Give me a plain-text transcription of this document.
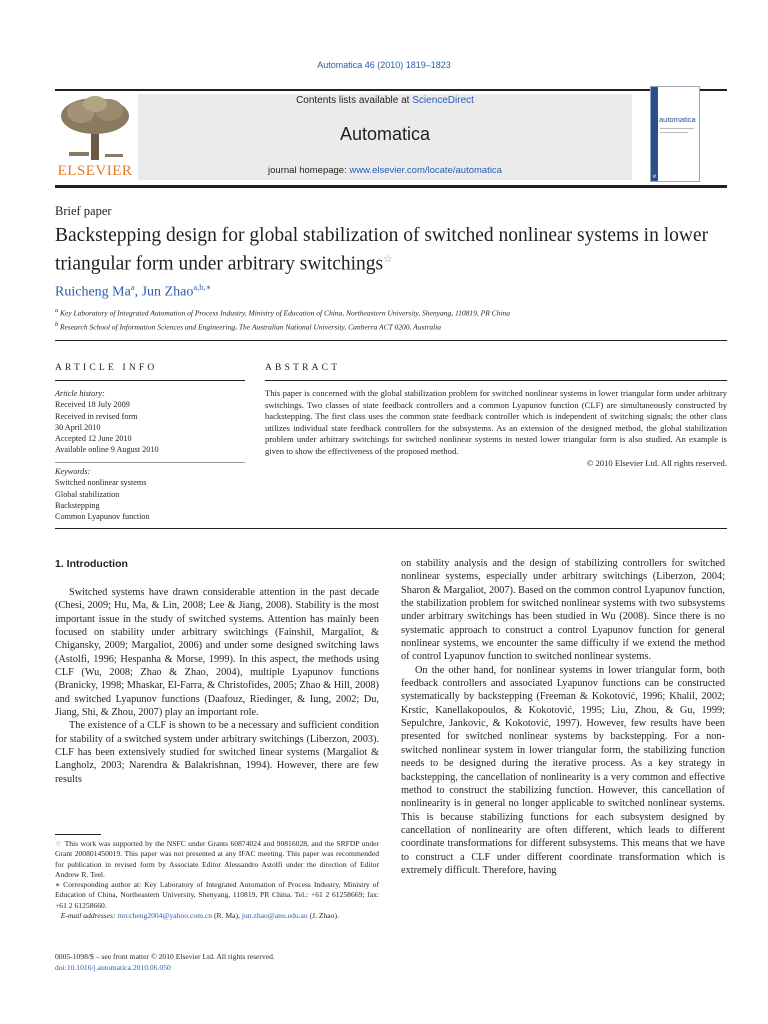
Automatica 46 (2010) 1819–1823
ELSEVIER
Contents lists available at ScienceDirect
Automatica
journal homepage: www.elsevier.com/locate/automatica
automatica
e
Brief paper
Backstepping design for global stabilization of switched nonlinear systems in lower triangular form under arbitrary switchings☆
Ruicheng Ma$^a$, Jun Zhao$^{a,b,∗}$
$^a$ Key Laboratory of Integrated Automation of Process Industry, Ministry of Education of China, Northeastern University, Shenyang, 110819, PR China
$^b$ Research School of Information Sciences and Engineering, The Australian National University, Canberra ACT 0200, Australia
ARTICLE INFO	ABSTRACT
Article history:
Received 18 July 2009
Received in revised form
30 April 2010
Accepted 12 June 2010
Available online 9 August 2010
Keywords:
Switched nonlinear systems
Global stabilization
Backstepping
Common Lyapunov function
This paper is concerned with the global stabilization problem for switched nonlinear systems in lower triangular form under arbitrary switchings. Two classes of state feedback controllers and a common Lyapunov function (CLF) are simultaneously constructed by backstepping. The first class uses the common state feedback controller which is independent of switching signals; the other class utilizes individual state feedback controllers for the subsystems. As an extension of the designed method, the global stabilization problem under arbitrary switchings for switched nonlinear systems in nested lower triangular form is also studied. An example is given to show the effectiveness of the proposed method.
© 2010 Elsevier Ltd. All rights reserved.
1. Introduction

Switched systems have drawn considerable attention in the past decade (Chesi, 2009; Hu, Ma, & Lin, 2008; Lee & Jiang, 2008). Stability is the most important issue in the study of switched systems. Attention has mainly been focused on stability under arbitrary switchings (Fainshil, Margaliot, & Chigansky, 2009; Margaliot, 2006) and under some designed switching laws (Astolfi, 1996; Hespanha & Morse, 1999). In this aspect, the methods using CLF (Wu, 2008; Zhao & Zhao, 2004), multiple Lyapunov functions (Branicky, 1998; Mhaskar, El-Farra, & Christofides, 2005; Zhao & Hill, 2008) and switched Lyapunov functions (Daafouz, Riedinger, & Iung, 2002; Du, Jiang, Shi, & Zhou, 2007) play an important role.

The existence of a CLF is shown to be a necessary and sufficient condition for stability of a switched system under arbitrary switchings (Liberzon, 2003). CLF has been extensively studied for switched linear systems (Margaliot & Langholz, 2003; Narendra & Balakrishnan, 1994). However, there are few results

on stability analysis and the design of stabilizing controllers for switched nonlinear systems, especially under arbitrary switchings (Liberzon, 2004; Sharon & Margaliot, 2007). Based on the common control Lyapunov function, the stabilization problem for switched nonlinear systems with two subsystems under arbitrary switchings has been studied in Wu (2008). Since there is no systematic approach to construct a control Lyapunov function for general nonlinear systems, we encounter the same difficulty if we extend the method of control Lyapunov function to switched nonlinear systems.

On the other hand, for nonlinear systems in lower triangular form, both feedback controllers and associated Lyapunov functions can be constructed systematically by backstepping (Freeman & Kokotović, 1996; Khalil, 2002; Krstic, Kanellakopoulos, & Kokotović, 1995; Liu, Zhou, & Gu, 1999; Sepulchre, Jankovic, & Kokotović, 1997). However, few results have been presented for switched nonlinear systems by backstepping. For a non-switched nonlinear system in lower triangular form, the stabilizing function needs to be designed during the iterative process. As a key strategy in backstepping, the cancellation of nonlinearity is a very common and effective method to construct the stabilizing function. However, this cancellation of nonlinearity is in general no longer applicable to switched nonlinear systems. This is because stabilizing functions for each subsystem designed by cancellation of nonlinearity are often different, which leads to different coordinate transformations for different subsystems. This means that we have to construct a CLF under different coordinate transformation which is extremely difficult. Therefore, having

☆ This work was supported by the NSFC under Grants 60874024 and 90816028, and the SRFDP under Grant 200801450019. This paper was not presented at any IFAC meeting. This paper was recommended for publication in revised form by Associate Editor Alessandro Astolfi under the direction of Editor Andrew R. Teel.

∗ Corresponding author at: Key Laboratory of Integrated Automation of Process Industry, Ministry of Education of China, Northeastern University, Shenyang, 110819, PR China. Tel.: +61 2 61258669; fax: +61 2 61258660.

E-mail addresses: mrccheng2004@yahoo.com.cn (R. Ma), jun.zhao@anu.edu.au (J. Zhao).

0005-1098/$ – see front matter © 2010 Elsevier Ltd. All rights reserved.
doi:10.1016/j.automatica.2010.06.050
